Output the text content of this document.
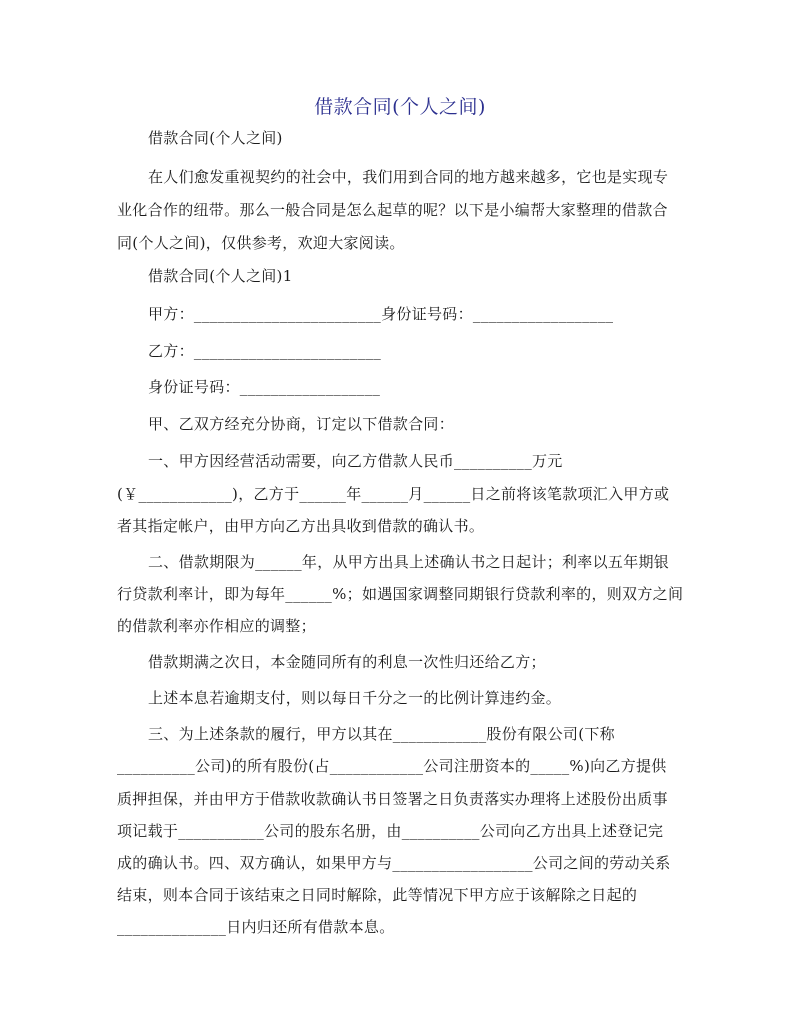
借款合同(个人之间)
借款合同(个人之间)
在人们愈发重视契约的社会中，我们用到合同的地方越来越多，它也是实现专
业化合作的纽带。那么一般合同是怎么起草的呢？以下是小编帮大家整理的借款合
同(个人之间)，仅供参考，欢迎大家阅读。
借款合同(个人之间)1
甲方：________________________身份证号码：__________________
乙方：________________________
身份证号码：__________________
甲、乙双方经充分协商，订定以下借款合同：
一、甲方因经营活动需要，向乙方借款人民币__________万元
(￥____________)，乙方于______年______月______日之前将该笔款项汇入甲方或
者其指定帐户，由甲方向乙方出具收到借款的确认书。
二、借款期限为______年，从甲方出具上述确认书之日起计；利率以五年期银
行贷款利率计，即为每年______%；如遇国家调整同期银行贷款利率的，则双方之间
的借款利率亦作相应的调整；
借款期满之次日，本金随同所有的利息一次性归还给乙方；
上述本息若逾期支付，则以每日千分之一的比例计算违约金。
三、为上述条款的履行，甲方以其在____________股份有限公司(下称
__________公司)的所有股份(占____________公司注册资本的_____%)向乙方提供
质押担保，并由甲方于借款收款确认书日签署之日负责落实办理将上述股份出质事
项记载于___________公司的股东名册，由__________公司向乙方出具上述登记完
成的确认书。四、双方确认，如果甲方与__________________公司之间的劳动关系
结束，则本合同于该结束之日同时解除，此等情况下甲方应于该解除之日起的
______________日内归还所有借款本息。
